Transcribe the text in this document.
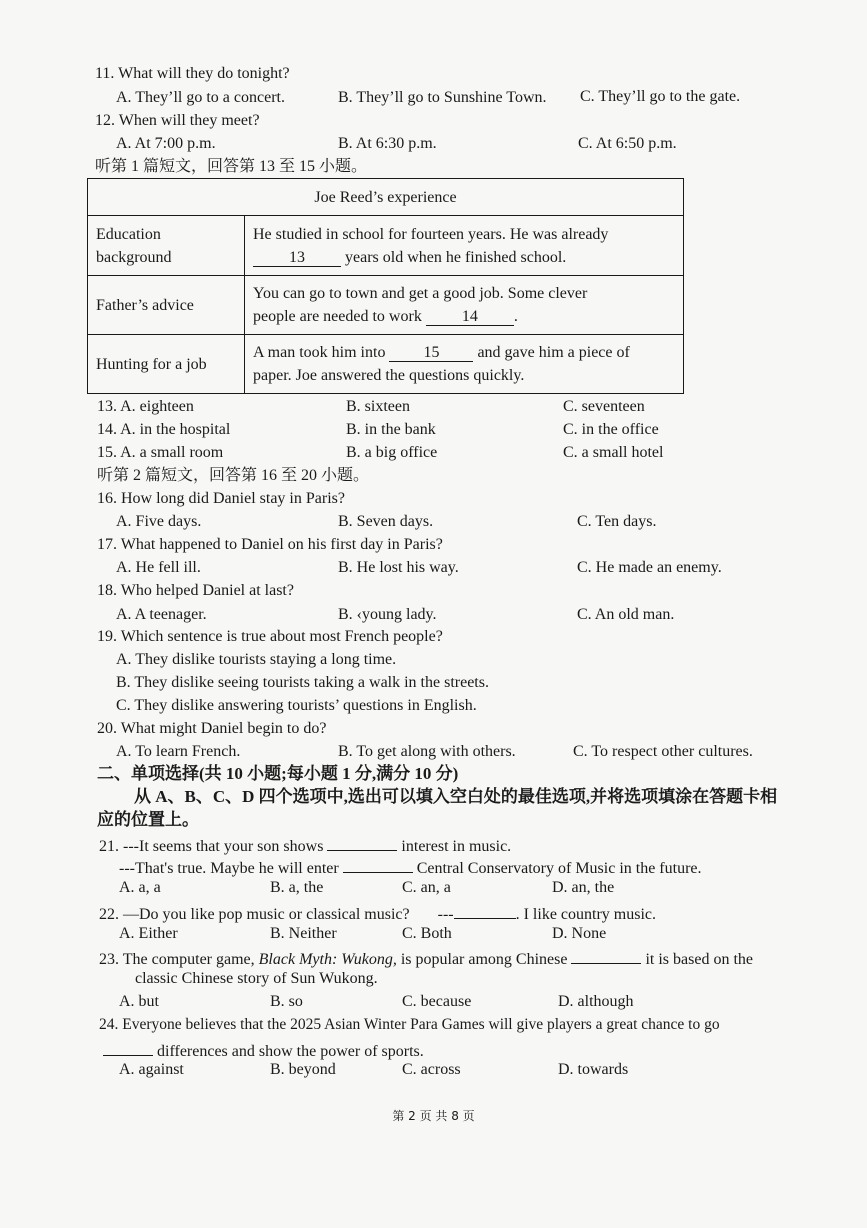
11. What will they do tonight?
A. They’ll go to a concert.	B. They’ll go to Sunshine Town. C. They’ll go to the gate.
12. When will they meet?
A. At 7:00 p.m.	B. At 6:30 p.m.	C. At 6:50 p.m.
听第 1 篇短文，回答第 13 至 15 小题。
Joe Reed’s experience	
Education background	He studied in school for fourteen years. He was already
13 years old when he finished school.

Father’s advice	You can go to town and get a good job. Some clever
people are needed to work 14 .

Hunting for a job	A man took him into 15 and gave him a piece of
paper. Joe answered the questions quickly.
13. A. eighteen	B. sixteen	C. seventeen
14. A. in the hospital	B. in the bank	C. in the office
15. A. a small room	B. a big office	C. a small hotel
听第 2 篇短文，回答第 16 至 20 小题。
16. How long did Daniel stay in Paris?
A. Five days.	B. Seven days.	C. Ten days.
17. What happened to Daniel on his first day in Paris?
A. He fell ill.	B. He lost his way.	C. He made an enemy.
18. Who helped Daniel at last?
A. A teenager.	B. ‹young lady.	C. An old man.
19. Which sentence is true about most French people?
A. They dislike tourists staying a long time.
B. They dislike seeing tourists taking a walk in the streets.
C. They dislike answering tourists’ questions in English.
20. What might Daniel begin to do?
A. To learn French.	B. To get along with others.	C. To respect other cultures.
二、单项选择(共 10 小题;每小题 1 分,满分 10 分)
从 A、B、C、D 四个选项中,选出可以填入空白处的最佳选项,并将选项填涂在答题卡相
应的位置上。
21. ---It seems that your son shows	interest in music.
---That's true. Maybe he will enter	Central Conservatory of Music in the future.
A. a, a	B. a, the	C. an, a	D. an, the
22. —Do you like pop music or classical music? ---	. I like country music.
A. Either	B. Neither	C. Both	D. None
23. The computer game, Black Myth: Wukong, is popular among Chinese	it is based on the
classic Chinese story of Sun Wukong.
A. but	B. so	C. because	D. although
24. Everyone believes that the 2025 Asian Winter Para Games will give players a great chance to go
differences and show the power of sports.
A. against	B. beyond	C. across	D. towards
第 2 页 共 8 页
